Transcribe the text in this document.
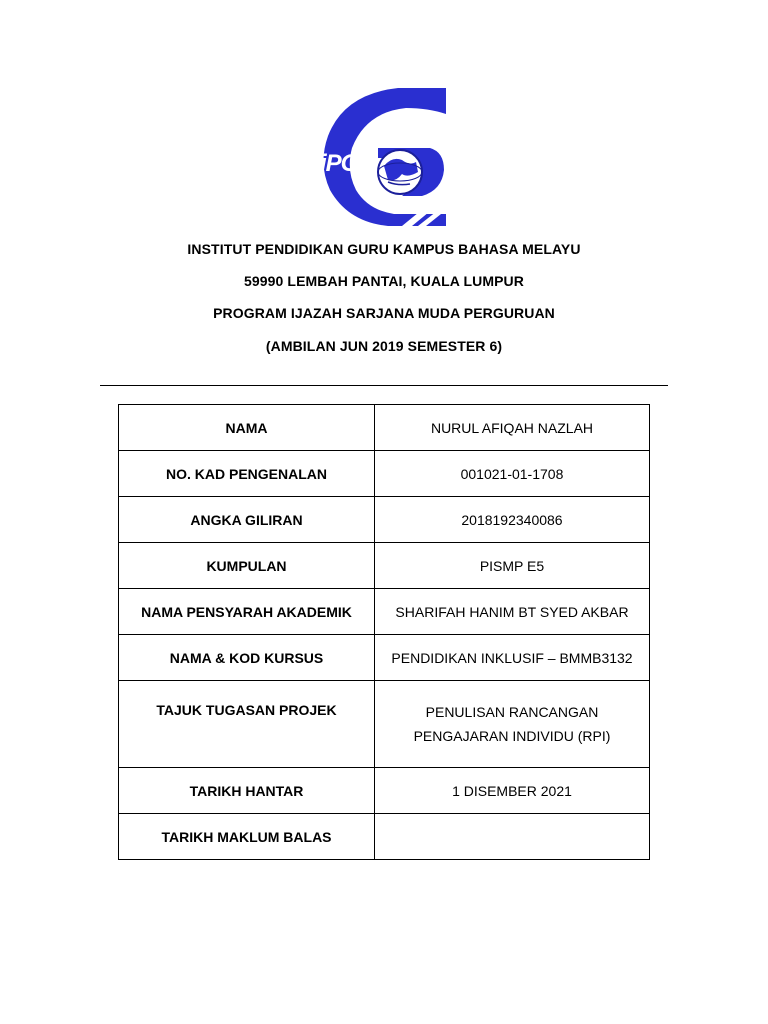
iPG
INSTITUT PENDIDIKAN GURU KAMPUS BAHASA MELAYU
59990 LEMBAH PANTAI, KUALA LUMPUR
PROGRAM IJAZAH SARJANA MUDA PERGURUAN
(AMBILAN JUN 2019 SEMESTER 6)
NAMA	NURUL AFIQAH NAZLAH
NO. KAD PENGENALAN	001021-01-1708
ANGKA GILIRAN	2018192340086
KUMPULAN	PISMP E5
NAMA PENSYARAH AKADEMIK	SHARIFAH HANIM BT SYED AKBAR
NAMA & KOD KURSUS	PENDIDIKAN INKLUSIF – BMMB3132
TAJUK TUGASAN PROJEK	PENULISAN RANCANGAN
PENGAJARAN INDIVIDU (RPI)

TARIKH HANTAR	1 DISEMBER 2021
TARIKH MAKLUM BALAS	
